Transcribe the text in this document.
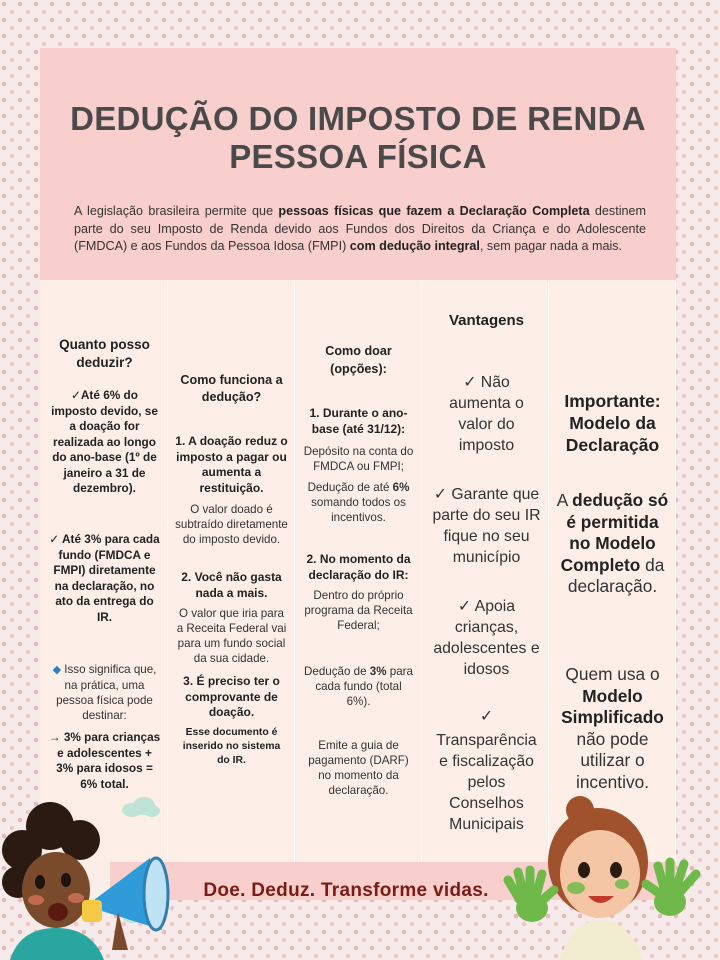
DEDUÇÃO DO IMPOSTO DE RENDA
PESSOA FÍSICA
A legislação brasileira permite que pessoas físicas que fazem a Declaração Completa destinem parte do seu Imposto de Renda devido aos Fundos dos Direitos da Criança e do Adolescente (FMDCA) e aos Fundos da Pessoa Idosa (FMPI) com dedução integral, sem pagar nada a mais.
Quanto posso deduzir?
✓Até 6% do imposto devido, se a doação for realizada ao longo do ano-base (1º de janeiro a 31 de dezembro).
✓ Até 3% para cada fundo (FMDCA e FMPI) diretamente na declaração, no ato da entrega do IR.
◆ Isso significa que, na prática, uma pessoa física pode destinar:
→ 3% para crianças e adolescentes + 3% para idosos = 6% total.
Como funciona a dedução?
1. A doação reduz o imposto a pagar ou aumenta a restituição.
O valor doado é subtraído diretamente do imposto devido.
2. Você não gasta nada a mais.
O valor que iria para a Receita Federal vai para um fundo social da sua cidade.
3. É preciso ter o comprovante de doação.
Esse documento é inserido no sistema do IR.
Como doar (opções):
1. Durante o ano-base (até 31/12):
Depósito na conta do FMDCA ou FMPI;
Dedução de até 6% somando todos os incentivos.
2. No momento da declaração do IR:
Dentro do próprio programa da Receita Federal;
Dedução de 3% para cada fundo (total 6%).
Emite a guia de pagamento (DARF) no momento da declaração.
Vantagens
✓ Não aumenta o valor do imposto
✓ Garante que parte do seu IR fique no seu município
✓ Apoia crianças, adolescentes e idosos
✓
Transparência e fiscalização pelos Conselhos Municipais
Importante: Modelo da Declaração
A dedução só é permitida no Modelo Completo da declaração.
Quem usa o Modelo Simplificado não pode utilizar o incentivo.
Doe. Deduz. Transforme vidas.
